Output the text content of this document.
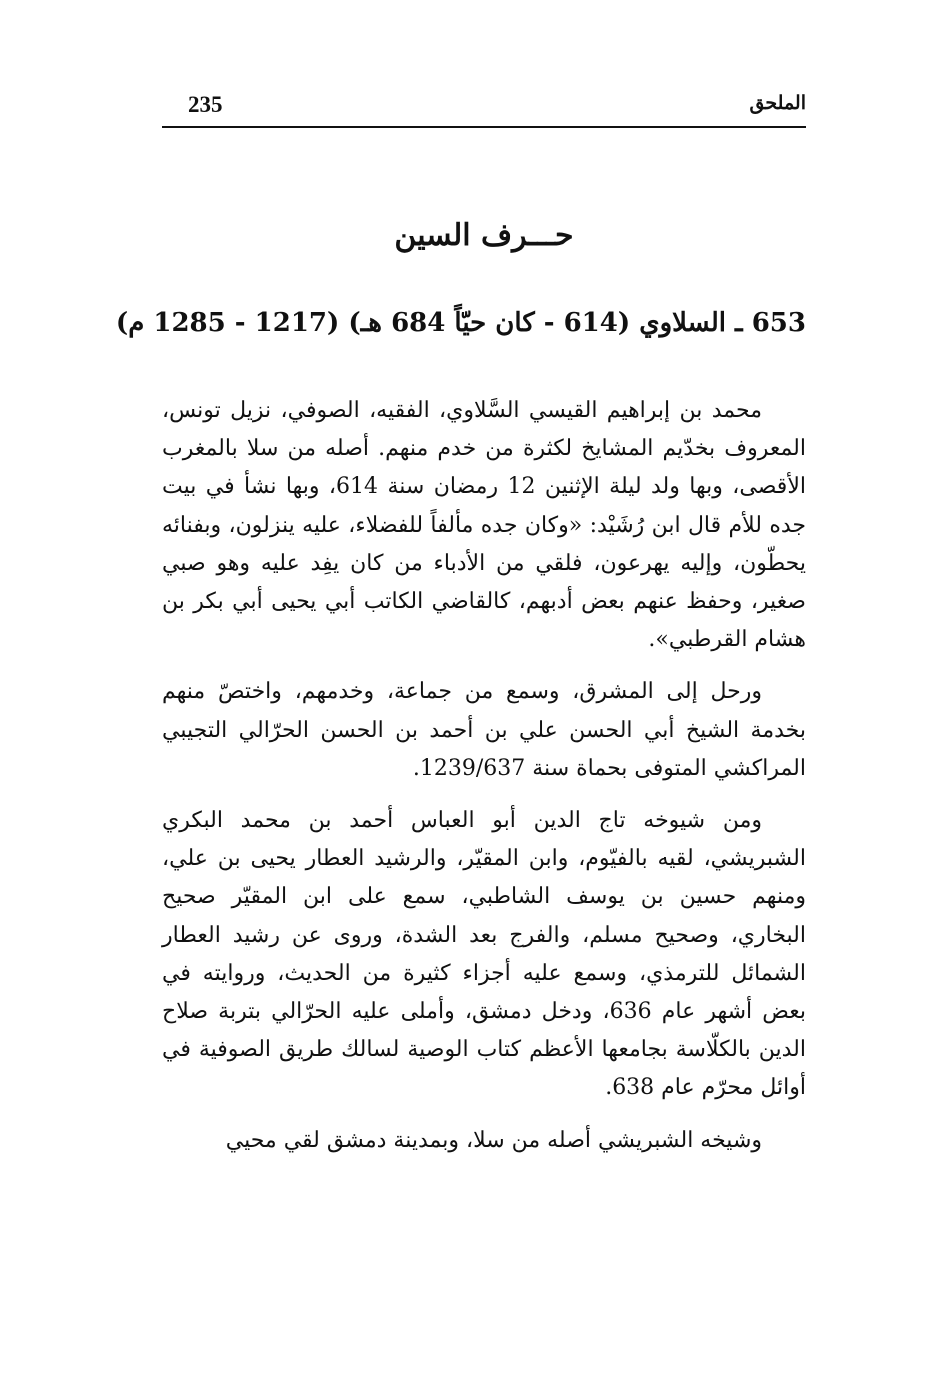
235	الملحق
حـــرف السين
653 ـ السلاوي (614 - كان حيّاً 684 هـ) (1217 - 1285 م)

محمد بن إبراهيم القيسي السَّلاوي، الفقيه، الصوفي، نزيل تونس، المعروف بخدّيم المشايخ لكثرة من خدم منهم. أصله من سلا بالمغرب الأقصى، وبها ولد ليلة الإثنين 12 رمضان سنة 614، وبها نشأ في بيت جده للأم قال ابن رُشَيْد: «وكان جده مألفاً للفضلاء، عليه ينزلون، وبفنائه يحطّون، وإليه يهرعون، فلقي من الأدباء من كان يفِد عليه وهو صبي صغير، وحفظ عنهم بعض أدبهم، كالقاضي الكاتب أبي يحيى أبي بكر بن هشام القرطبي».

ورحل إلى المشرق، وسمع من جماعة، وخدمهم، واختصّ منهم بخدمة الشيخ أبي الحسن علي بن أحمد بن الحسن الحرّالي التجيبي المراكشي المتوفى بحماة سنة 1239/637.

ومن شيوخه تاج الدين أبو العباس أحمد بن محمد البكري الشبريشي، لقيه بالفيّوم، وابن المقيّر، والرشيد العطار يحيى بن علي، ومنهم حسين بن يوسف الشاطبي، سمع على ابن المقيّر صحيح البخاري، وصحيح مسلم، والفرج بعد الشدة، وروى عن رشيد العطار الشمائل للترمذي، وسمع عليه أجزاء كثيرة من الحديث، وروايته في بعض أشهر عام 636، ودخل دمشق، وأملى عليه الحرّالي بتربة صلاح الدين بالكلّاسة بجامعها الأعظم كتاب الوصية لسالك طريق الصوفية في أوائل محرّم عام 638.

وشيخه الشبريشي أصله من سلا، وبمدينة دمشق لقي محيي
